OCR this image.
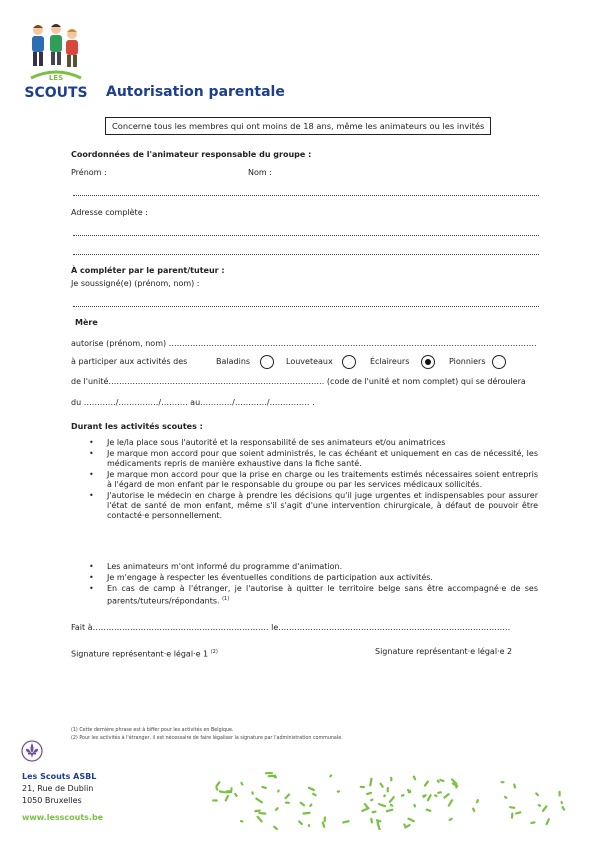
LES
SCOUTS Autorisation parentale
Concerne tous les membres qui ont moins de 18 ans, même les animateurs ou les invités
Coordonnées de l'animateur responsable du groupe :
Prénom :	Nom :
Adresse complète :
À compléter par le parent/tuteur :
Je soussigné(e) (prénom, nom) :
Mère
autorise (prénom, nom) …………………………………………………………………………………………………………………………
à participer aux activités des	Baladins	Louveteaux	Éclaireurs	Pionniers
de l'unité……………………………………………………………………… (code de l'unité et nom complet) qui se déroulera
du …………/……………/………. au…………/…………/…………… .
Durant les activités scoutes :
• Je le/la place sous l'autorité et la responsabilité de ses animateurs et/ou animatrices
• Je marque mon accord pour que soient administrés, le cas échéant et uniquement en cas de nécessité, les médicaments repris de manière exhaustive dans la fiche santé.
• Je marque mon accord pour que la prise en charge ou les traitements estimés nécessaires soient entrepris à l'égard de mon enfant par le responsable du groupe ou par les services médicaux sollicités.
• J'autorise le médecin en charge à prendre les décisions qu'il juge urgentes et indispensables pour assurer l'état de santé de mon enfant, même s'il s'agit d'une intervention chirurgicale, à défaut de pouvoir être contacté·e personnellement.
• Les animateurs m'ont informé du programme d'animation.
• Je m'engage à respecter les éventuelles conditions de participation aux activités.
• En cas de camp à l'étranger, je l'autorise à quitter le territoire belge sans être accompagné·e de ses parents/tuteurs/répondants. $^{(1)}$
Fait à………………………………………………………… le……………………………………………………………………………
Signature représentant·e légal·e 1 $^{(2)}$	Signature représentant·e légal·e 2
(1) Cette dernière phrase est à biffer pour les activités en Belgique.
(2) Pour les activités à l'étranger, il est nécessaire de faire légaliser la signature par l'administration communale.
Les Scouts ASBL
21, Rue de Dublin
1050 Bruxelles
www.lesscouts.be
